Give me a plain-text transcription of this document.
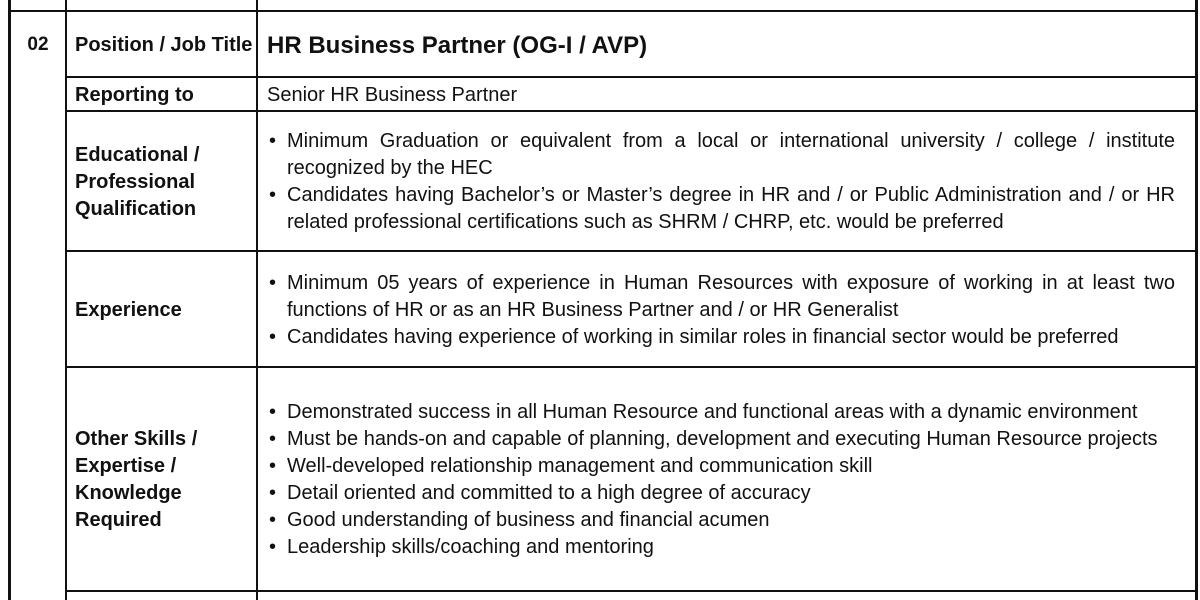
02	Position / Job Title HR Business Partner (OG-I / AVP)
Reporting to	Senior HR Business Partner
Educational / Professional Qualification
• Minimum Graduation or equivalent from a local or international university / college / institute recognized by the HEC
• Candidates having Bachelor’s or Master’s degree in HR and / or Public Administration and / or HR related professional certifications such as SHRM / CHRP, etc. would be preferred
Experience
• Minimum 05 years of experience in Human Resources with exposure of working in at least two functions of HR or as an HR Business Partner and / or HR Generalist
• Candidates having experience of working in similar roles in financial sector would be preferred
Other Skills / Expertise / Knowledge Required
• Demonstrated success in all Human Resource and functional areas with a dynamic environment
• Must be hands-on and capable of planning, development and executing Human Resource projects
• Well-developed relationship management and communication skill
• Detail oriented and committed to a high degree of accuracy
• Good understanding of business and financial acumen
• Leadership skills/coaching and mentoring
